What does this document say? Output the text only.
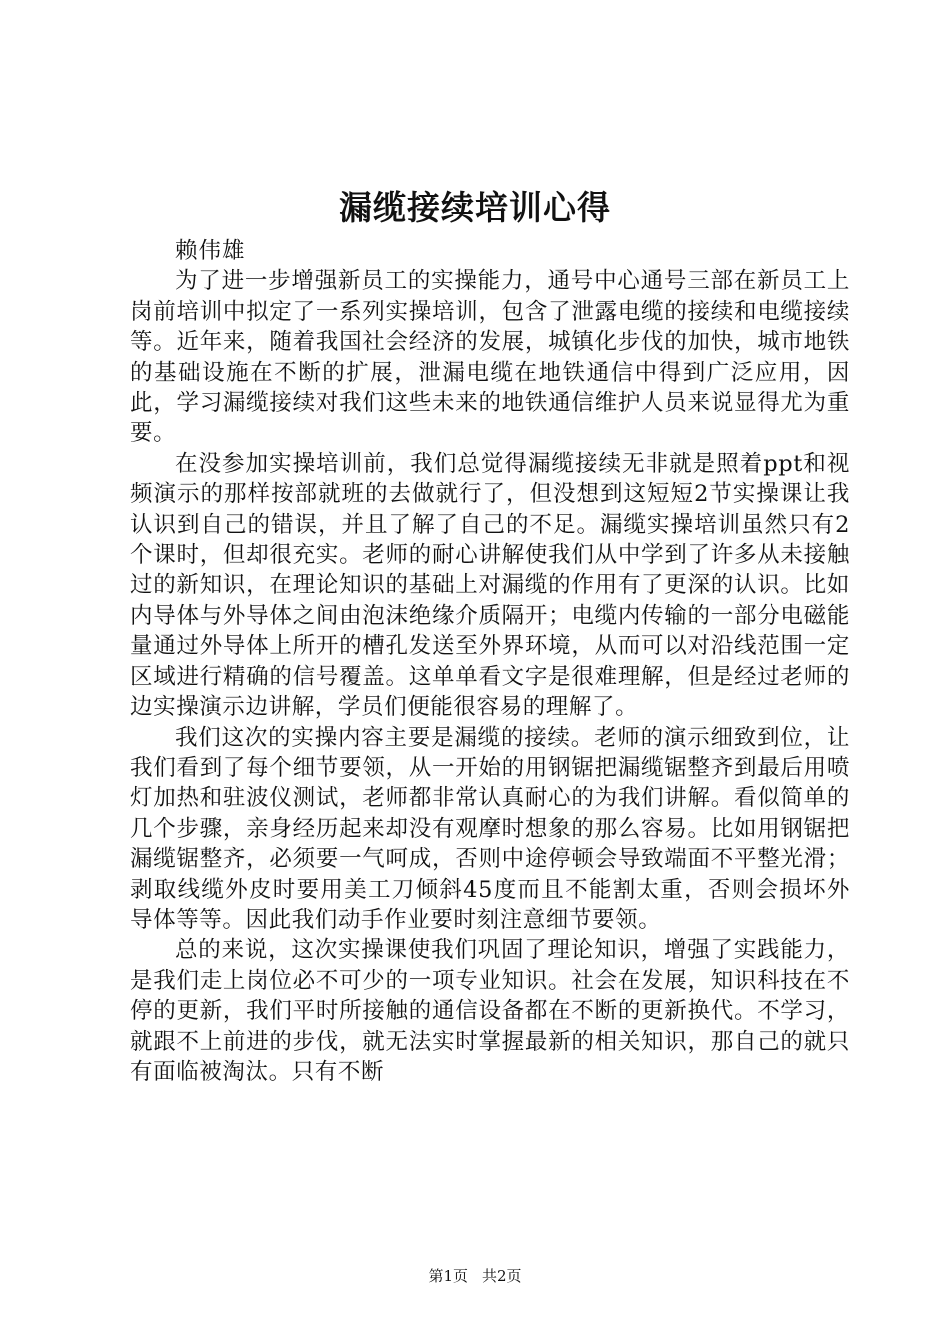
漏缆接续培训心得

赖伟雄

为了进一步增强新员工的实操能力，通号中心通号三部在新员工上岗前培训中拟定了一系列实操培训，包含了泄露电缆的接续和电缆接续等。近年来，随着我国社会经济的发展，城镇化步伐的加快，城市地铁的基础设施在不断的扩展，泄漏电缆在地铁通信中得到广泛应用，因此，学习漏缆接续对我们这些未来的地铁通信维护人员来说显得尤为重要。

在没参加实操培训前，我们总觉得漏缆接续无非就是照着ppt和视频演示的那样按部就班的去做就行了，但没想到这短短2节实操课让我认识到自己的错误，并且了解了自己的不足。漏缆实操培训虽然只有2个课时，但却很充实。老师的耐心讲解使我们从中学到了许多从未接触过的新知识，在理论知识的基础上对漏缆的作用有了更深的认识。比如内导体与外导体之间由泡沫绝缘介质隔开；电缆内传输的一部分电磁能量通过外导体上所开的槽孔发送至外界环境，从而可以对沿线范围一定区域进行精确的信号覆盖。这单单看文字是很难理解，但是经过老师的边实操演示边讲解，学员们便能很容易的理解了。

我们这次的实操内容主要是漏缆的接续。老师的演示细致到位，让我们看到了每个细节要领，从一开始的用钢锯把漏缆锯整齐到最后用喷灯加热和驻波仪测试，老师都非常认真耐心的为我们讲解。看似简单的几个步骤，亲身经历起来却没有观摩时想象的那么容易。比如用钢锯把漏缆锯整齐，必须要一气呵成，否则中途停顿会导致端面不平整光滑；剥取线缆外皮时要用美工刀倾斜45度而且不能割太重，否则会损坏外导体等等。因此我们动手作业要时刻注意细节要领。

总的来说，这次实操课使我们巩固了理论知识，增强了实践能力，是我们走上岗位必不可少的一项专业知识。社会在发展，知识科技在不停的更新，我们平时所接触的通信设备都在不断的更新换代。不学习，就跟不上前进的步伐，就无法实时掌握最新的相关知识，那自己的就只有面临被淘汰。只有不断

第1页 共2页
